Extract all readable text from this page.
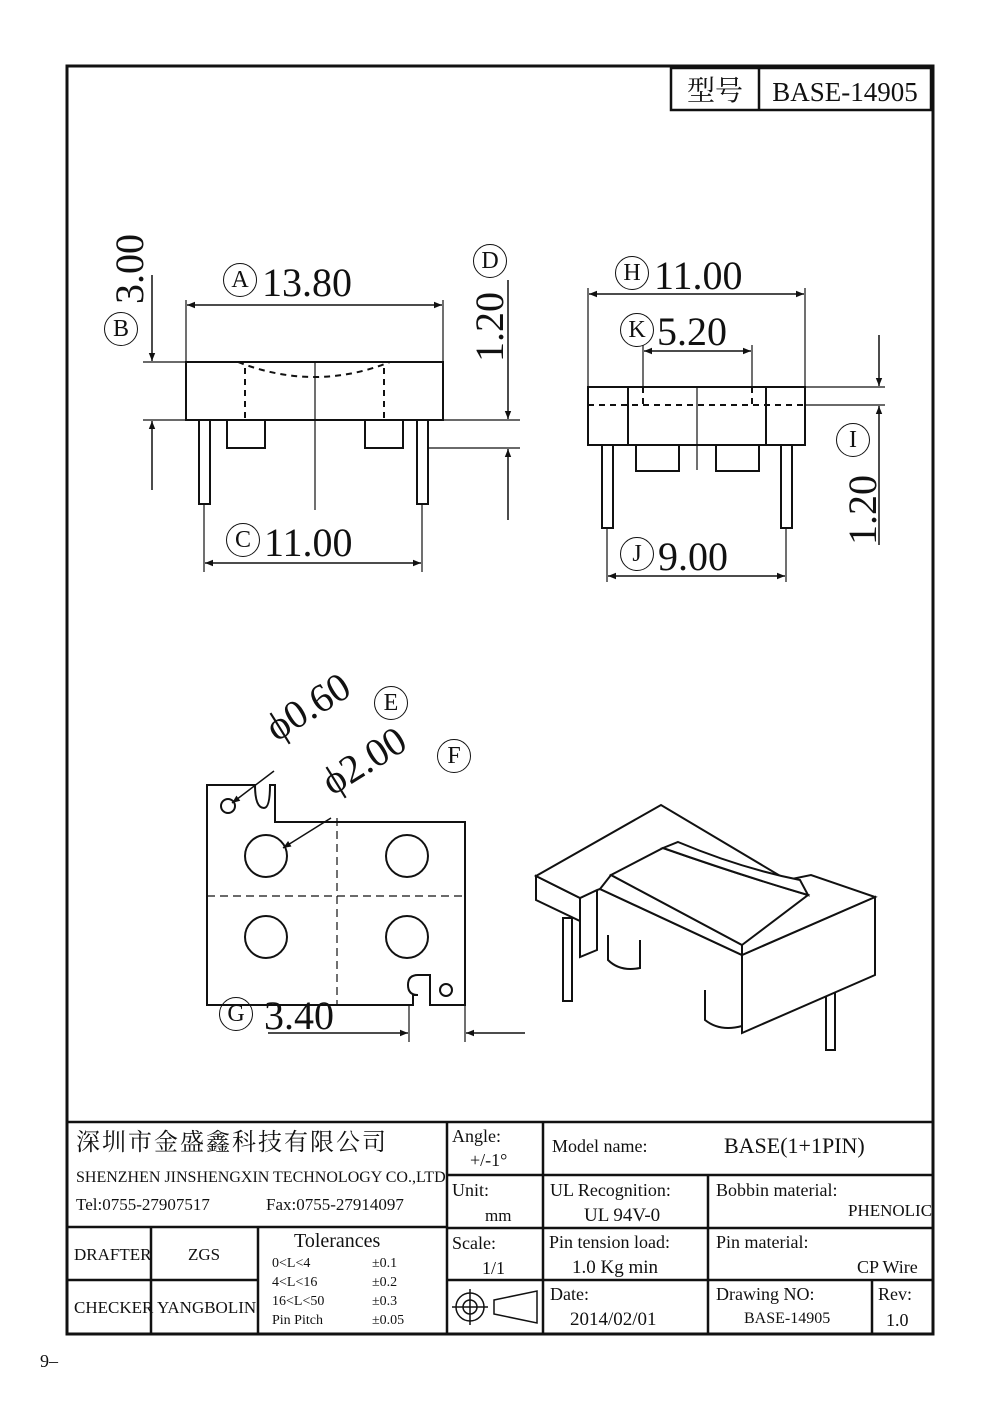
型号 BASE-14905
A 13.80
B
3.00
C 11.00
D
1.20
H 11.00
K 5.20
I
1.20
J 9.00
ϕ0.60	E
ϕ2.00	F
G 3.40
深圳市金盛鑫科技有限公司
SHENZHEN JINSHENGXIN TECHNOLOGY CO.,LTD
Tel:0755-27907517	Fax:0755-27914097
DRAFTER ZGS
CHECKER YANGBOLIN
Tolerances
0<L<4	±0.1
4<L<16	±0.2
16<L<50	±0.3
Pin Pitch	±0.05
Angle:
+/-1°
Unit:
mm
Scale:
1/1
Model name:	BASE(1+1PIN)
UL Recognition:
UL 94V-0
Bobbin material:
PHENOLIC
Pin tension load:
1.0 Kg min
Pin material:
CP Wire
Date:
2014/02/01
Drawing NO:
BASE-14905
Rev:
1.0
9–
